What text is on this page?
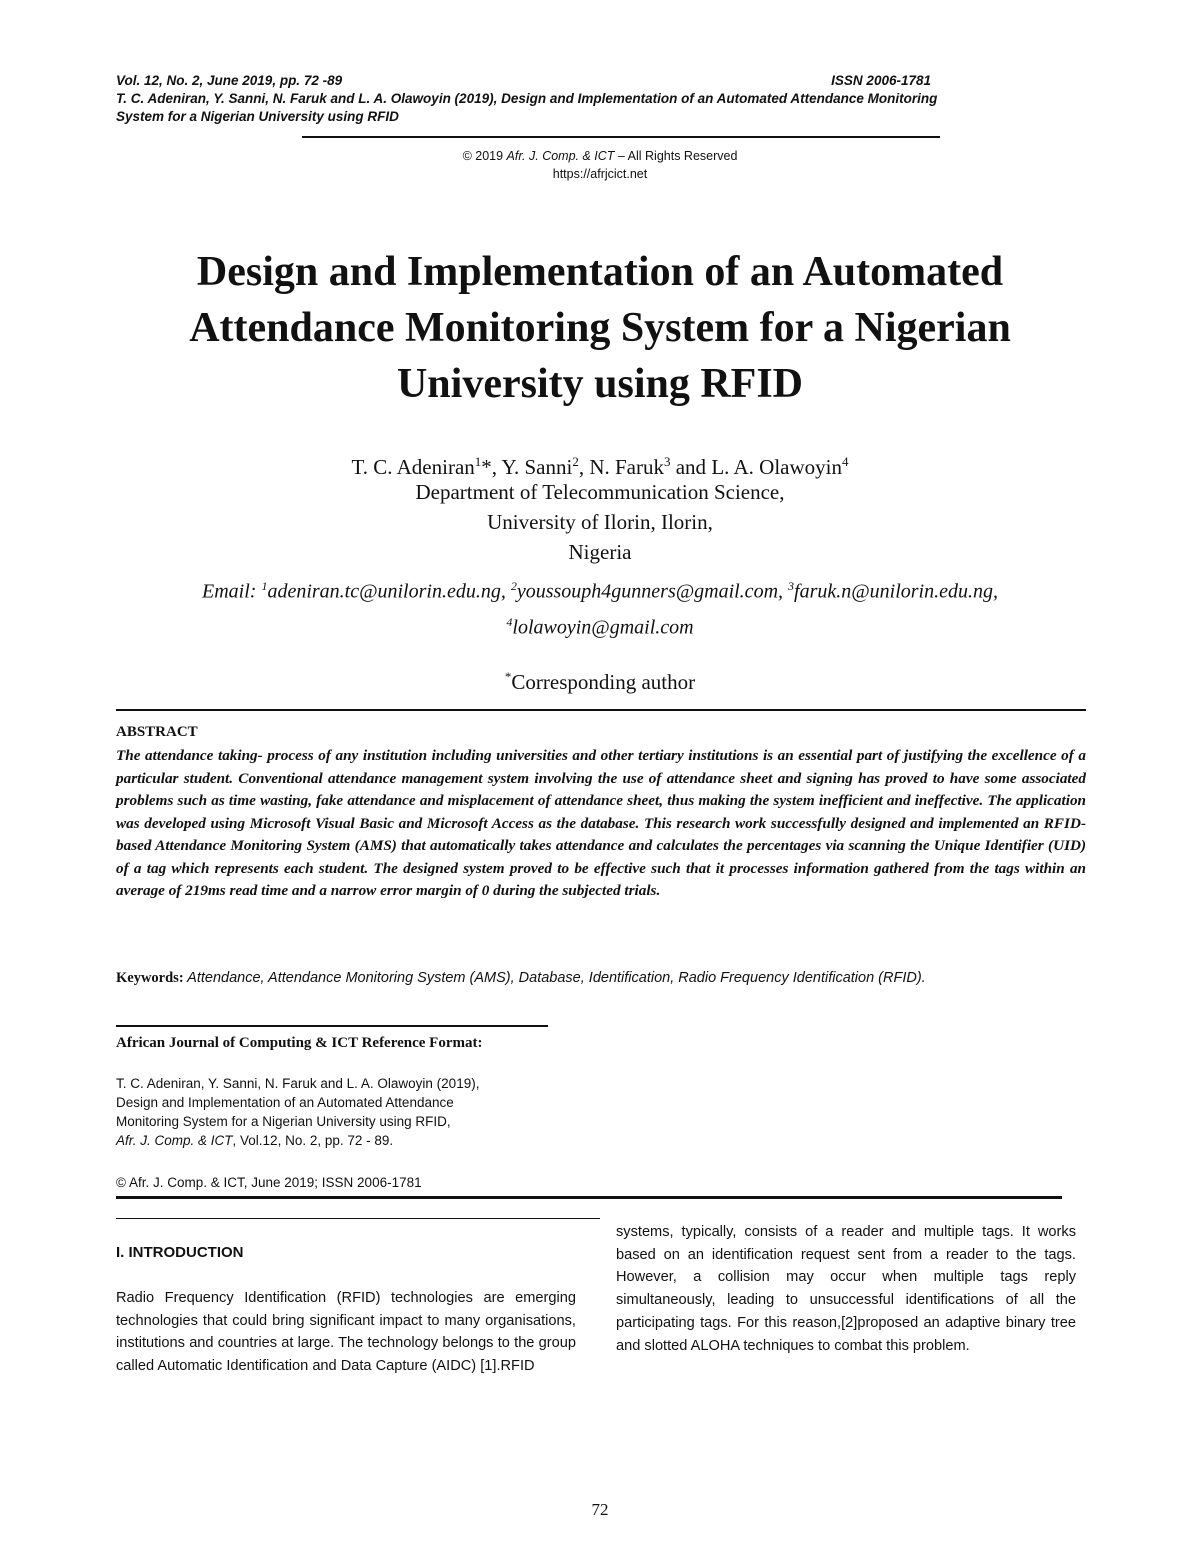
Vol. 12, No. 2, June 2019, pp. 72 -89	ISSN 2006-1781
T. C. Adeniran, Y. Sanni, N. Faruk and L. A. Olawoyin (2019), Design and Implementation of an Automated Attendance Monitoring
System for a Nigerian University using RFID
© 2019 Afr. J. Comp. & ICT – All Rights Reserved
https://afrjcict.net
Design and Implementation of an Automated
Attendance Monitoring System for a Nigerian
University using RFID
T. C. Adeniran$^1$*, Y. Sanni$^2$, N. Faruk$^3$ and L. A. Olawoyin$^4$
Department of Telecommunication Science,
University of Ilorin, Ilorin,
Nigeria
Email: $^1$adeniran.tc@unilorin.edu.ng, $^2$youssouph4gunners@gmail.com, $^3$faruk.n@unilorin.edu.ng,
$^4$lolawoyin@gmail.com
*Corresponding author
ABSTRACT
The attendance taking- process of any institution including universities and other tertiary institutions is an essential part of justifying the excellence of a particular student. Conventional attendance management system involving the use of attendance sheet and signing has proved to have some associated problems such as time wasting, fake attendance and misplacement of attendance sheet, thus making the system inefficient and ineffective. The application was developed using Microsoft Visual Basic and Microsoft Access as the database. This research work successfully designed and implemented an RFID-based Attendance Monitoring System (AMS) that automatically takes attendance and calculates the percentages via scanning the Unique Identifier (UID) of a tag which represents each student. The designed system proved to be effective such that it processes information gathered from the tags within an average of 219ms read time and a narrow error margin of 0 during the subjected trials.
Keywords: Attendance, Attendance Monitoring System (AMS), Database, Identification, Radio Frequency Identification (RFID).
African Journal of Computing & ICT Reference Format:
T. C. Adeniran, Y. Sanni, N. Faruk and L. A. Olawoyin (2019),
Design and Implementation of an Automated Attendance
Monitoring System for a Nigerian University using RFID,
Afr. J. Comp. & ICT, Vol.12, No. 2, pp. 72 - 89.
© Afr. J. Comp. & ICT, June 2019; ISSN 2006-1781
I. INTRODUCTION
Radio Frequency Identification (RFID) technologies are emerging technologies that could bring significant impact to many organisations, institutions and countries at large. The technology belongs to the group called Automatic Identification and Data Capture (AIDC) [1].RFID
systems, typically, consists of a reader and multiple tags. It works based on an identification request sent from a reader to the tags. However, a collision may occur when multiple tags reply simultaneously, leading to unsuccessful identifications of all the participating tags. For this reason,[2]proposed an adaptive binary tree and slotted ALOHA techniques to combat this problem.
72
